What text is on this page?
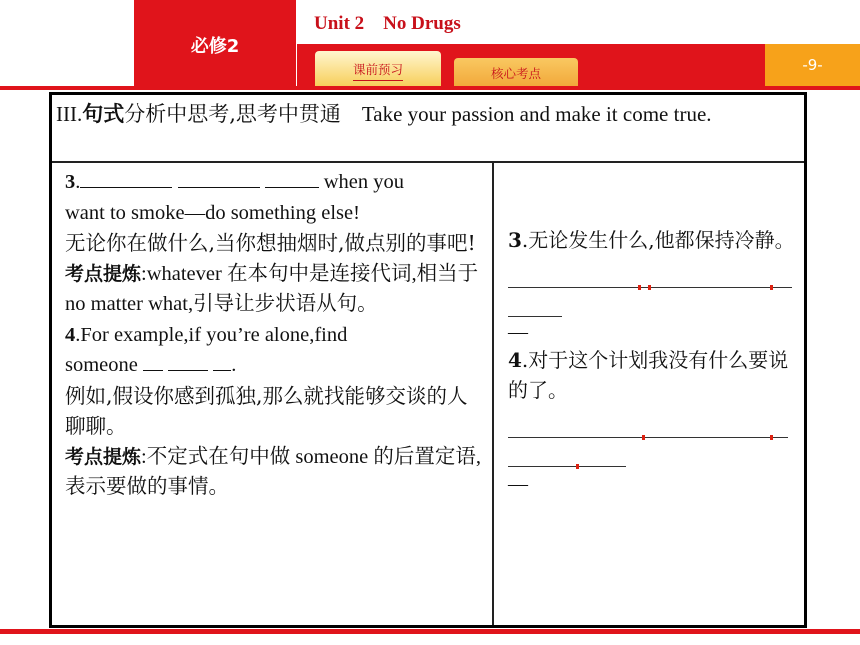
必修2
Unit 2    No Drugs
-9-
课前预习	核心考点
III.句式分析中思考,思考中贯通 Take your passion and make it come true.

3.	when you

want to smoke—do something else!

无论你在做什么,当你想抽烟时,做点别的事吧!

考点提炼:whatever 在本句中是连接代词,相当于 no matter what,引导让步状语从句。

4.For example,if you’re alone,find

someone	.

例如,假设你感到孤独,那么就找能够交谈的人聊聊。

考点提炼:不定式在句中做 someone 的后置定语,表示要做的事情。

3.无论发生什么,他都保持冷静。

—

4.对于这个计划我没有什么要说的了。

—
